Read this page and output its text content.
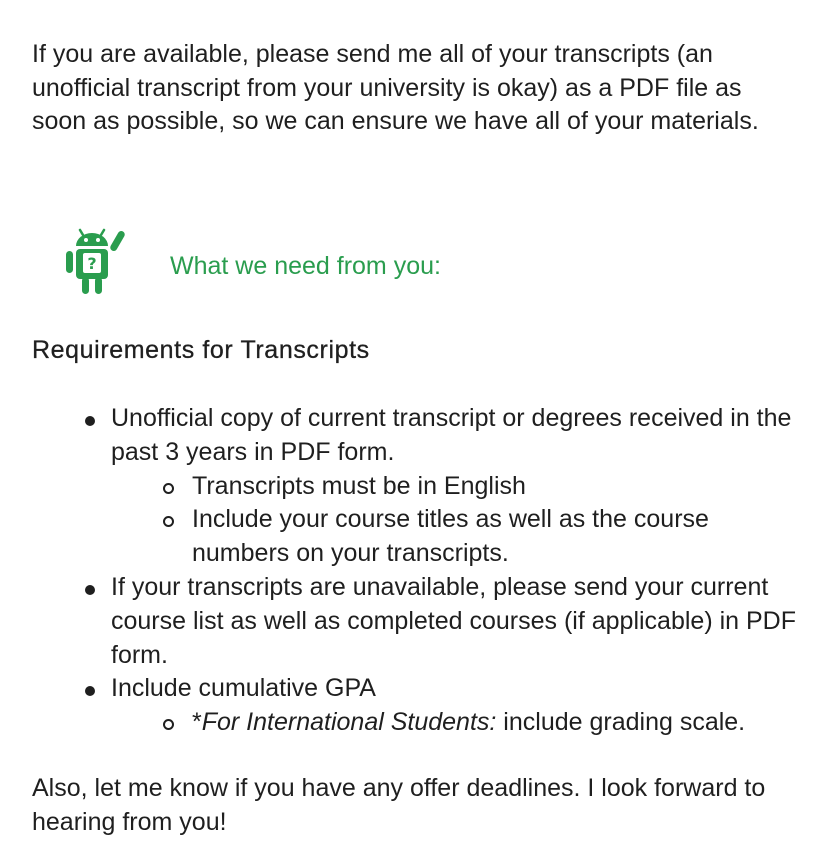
If you are available, please send me all of your transcripts (an unofficial transcript from your university is okay) as a PDF file as soon as possible, so we can ensure we have all of your materials.

?	What we need from you:
Requirements for Transcripts
Unofficial copy of current transcript or degrees received in the past 3 years in PDF form.
Transcripts must be in English
Include your course titles as well as the course numbers on your transcripts.
If your transcripts are unavailable, please send your current course list as well as completed courses (if applicable) in PDF form.
Include cumulative GPA
*For International Students: include grading scale.

Also, let me know if you have any offer deadlines. I look forward to hearing from you!
